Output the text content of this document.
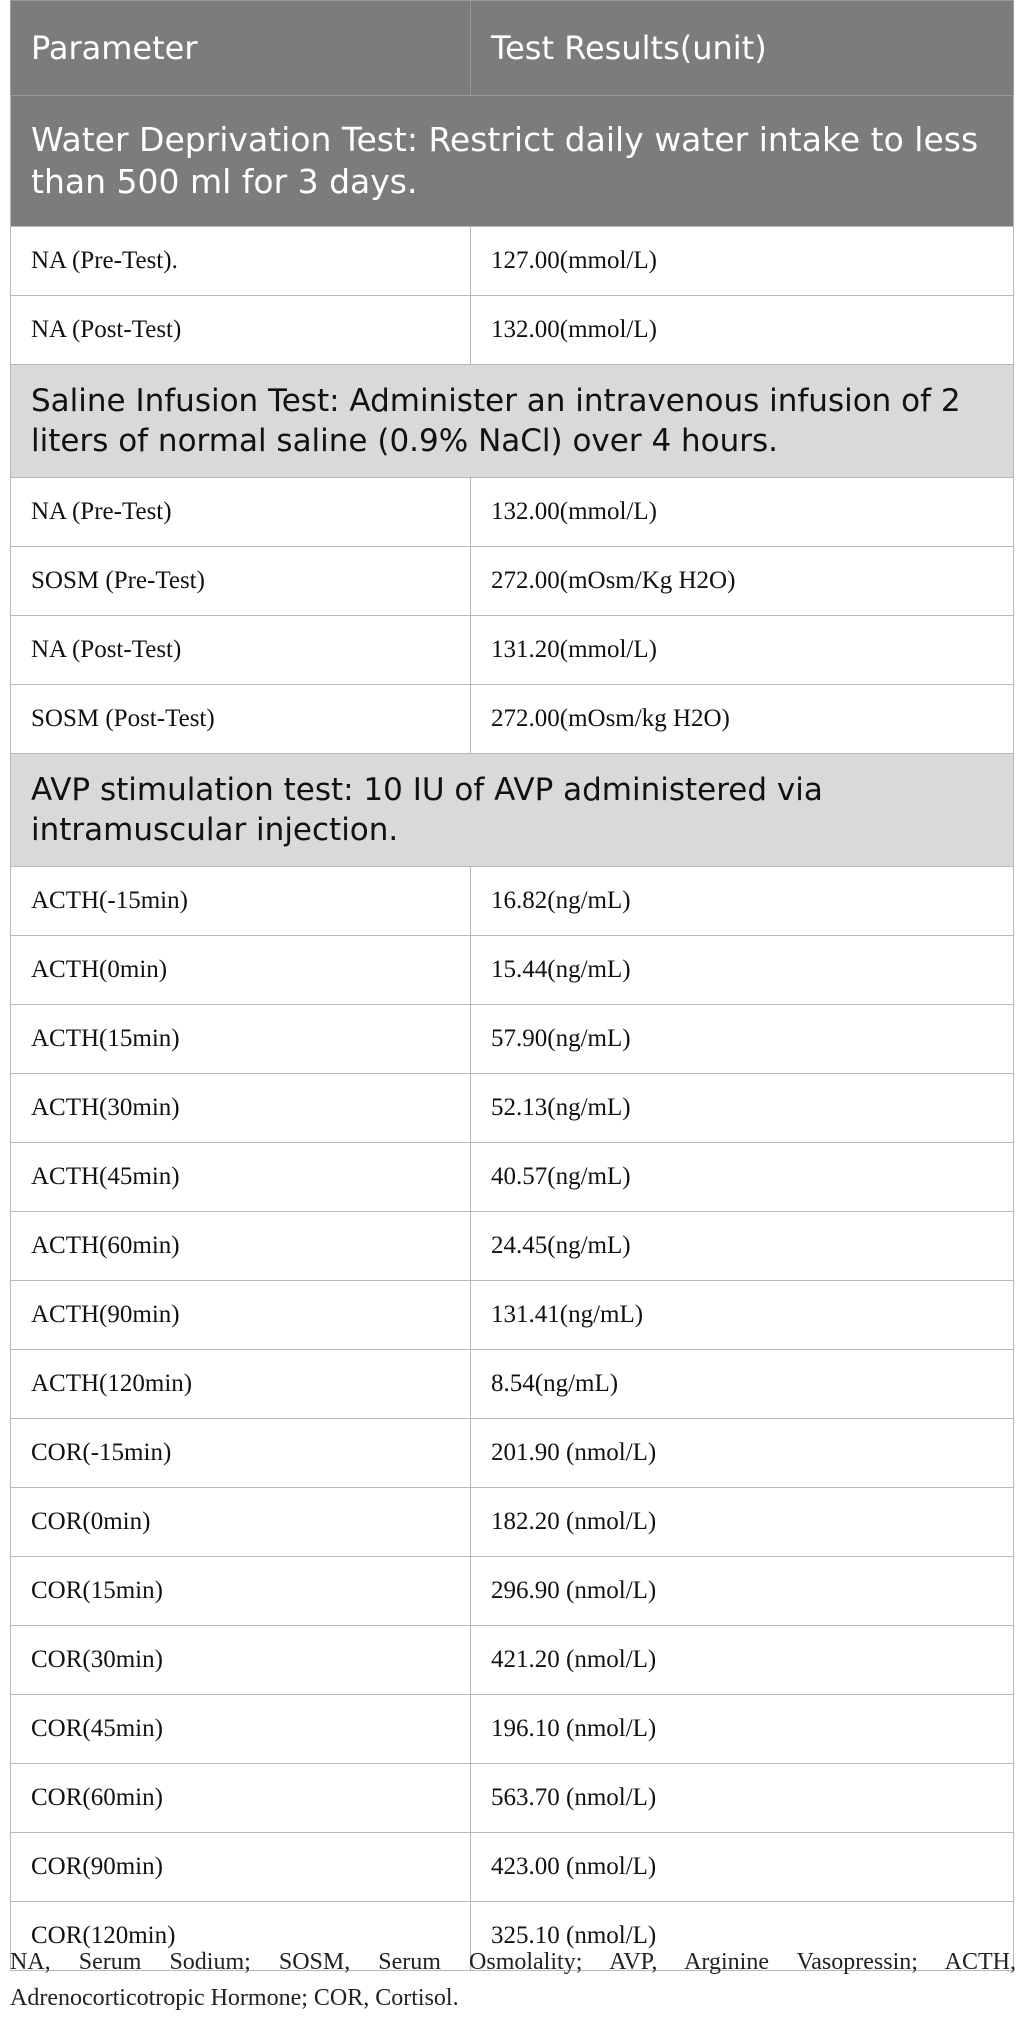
Parameter	Test Results(unit)
Water Deprivation Test: Restrict daily water intake to less than 500 ml for 3 days.	
NA (Pre-Test).	127.00(mmol/L)
NA (Post-Test)	132.00(mmol/L)
Saline Infusion Test: Administer an intravenous infusion of 2 liters of normal saline (0.9% NaCl) over 4 hours.	
NA (Pre-Test)	132.00(mmol/L)
SOSM (Pre-Test)	272.00(mOsm/Kg H2O)
NA (Post-Test)	131.20(mmol/L)
SOSM (Post-Test)	272.00(mOsm/kg H2O)
AVP stimulation test: 10 IU of AVP administered via intramuscular injection.	
ACTH(-15min)	16.82(ng/mL)
ACTH(0min)	15.44(ng/mL)
ACTH(15min)	57.90(ng/mL)
ACTH(30min)	52.13(ng/mL)
ACTH(45min)	40.57(ng/mL)
ACTH(60min)	24.45(ng/mL)
ACTH(90min)	131.41(ng/mL)
ACTH(120min)	8.54(ng/mL)
COR(-15min)	201.90 (nmol/L)
COR(0min)	182.20 (nmol/L)
COR(15min)	296.90 (nmol/L)
COR(30min)	421.20 (nmol/L)
COR(45min)	196.10 (nmol/L)
COR(60min)	563.70 (nmol/L)
COR(90min)	423.00 (nmol/L)
COR(120min)	325.10 (nmol/L)
NA, Serum Sodium; SOSM, Serum Osmolality; AVP, Arginine Vasopressin; ACTH, Adrenocorticotropic Hormone; COR, Cortisol.
